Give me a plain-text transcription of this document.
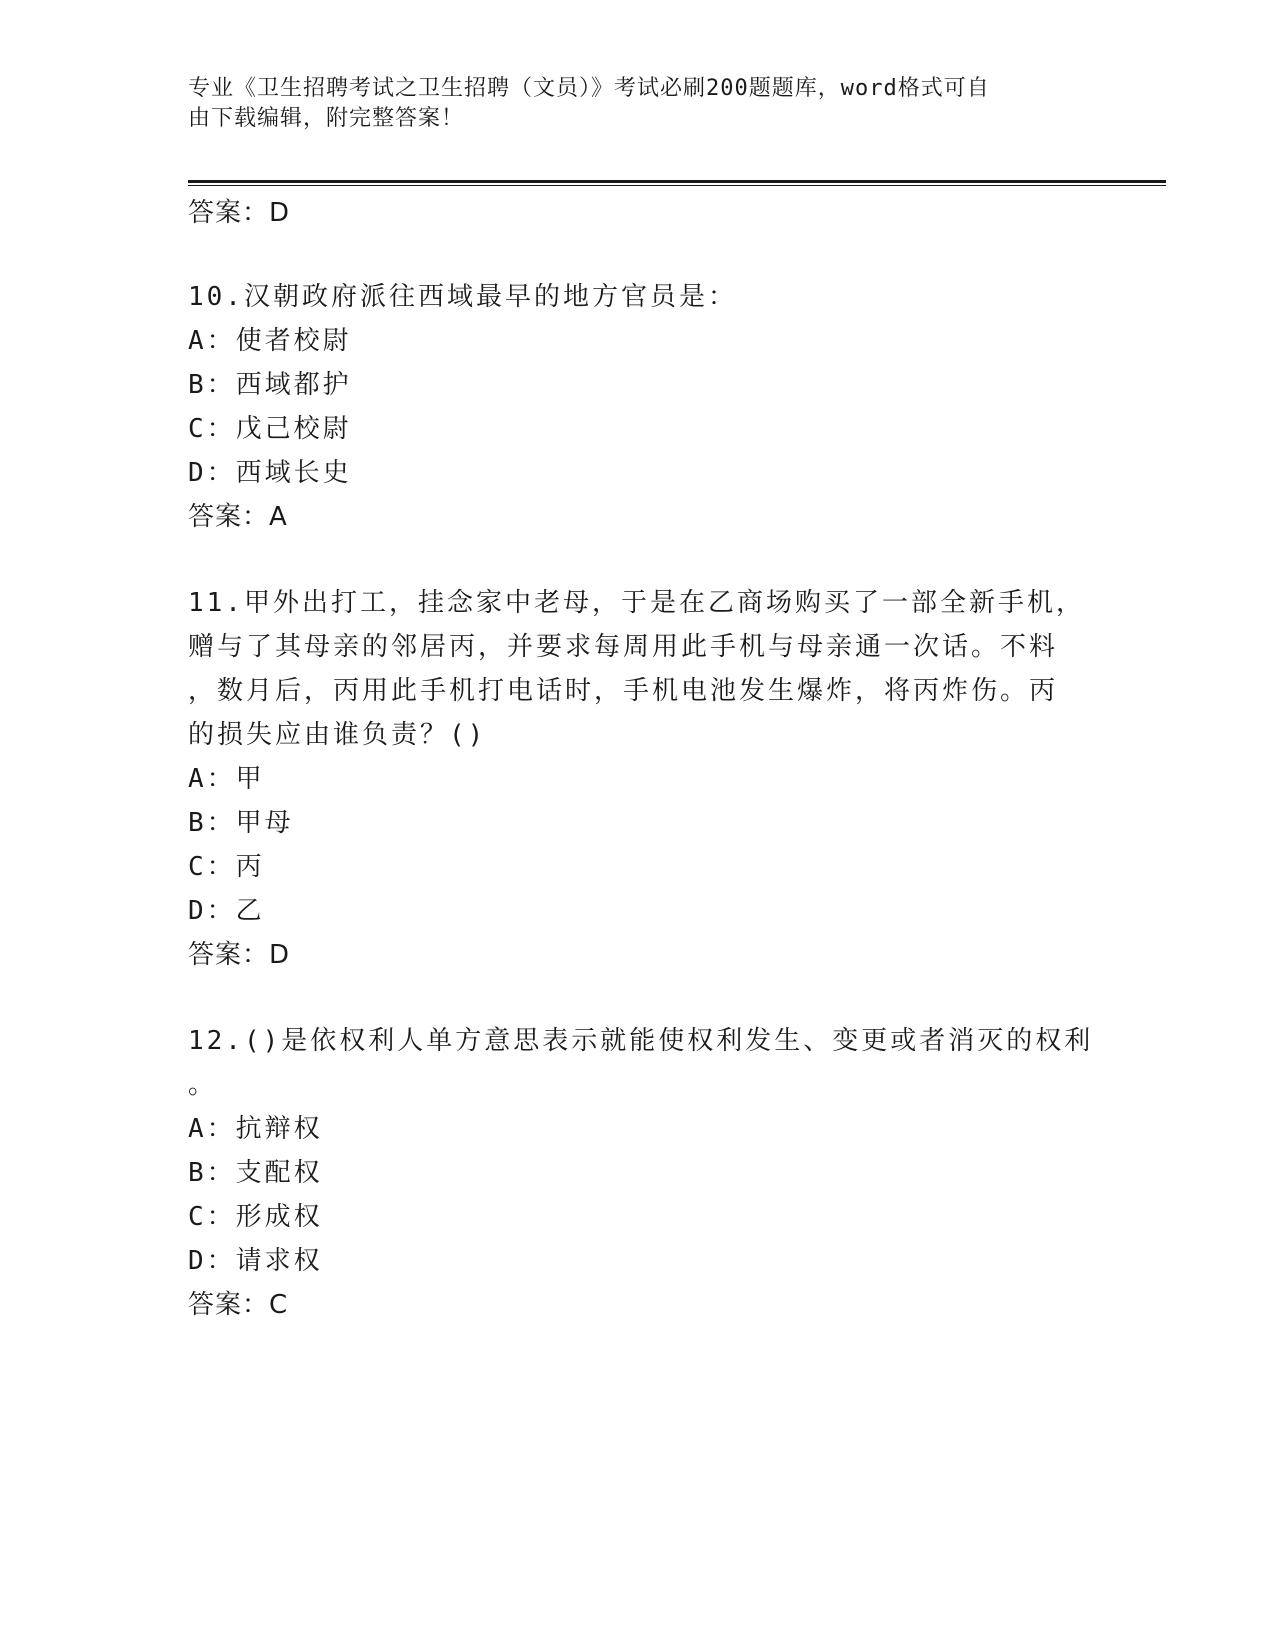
专业《卫生招聘考试之卫生招聘（文员）》考试必刷200题题库，word格式可自
由下载编辑，附完整答案！
答案：D
10.汉朝政府派往西域最早的地方官员是：
A：使者校尉
B：西域都护
C：戊己校尉
D：西域长史
答案：A
11.甲外出打工，挂念家中老母，于是在乙商场购买了一部全新手机，
赠与了其母亲的邻居丙，并要求每周用此手机与母亲通一次话。不料
，数月后，丙用此手机打电话时，手机电池发生爆炸，将丙炸伤。丙
的损失应由谁负责？()
A：甲
B：甲母
C：丙
D：乙
答案：D
12.()是依权利人单方意思表示就能使权利发生、变更或者消灭的权利
。
A：抗辩权
B：支配权
C：形成权
D：请求权
答案：C
